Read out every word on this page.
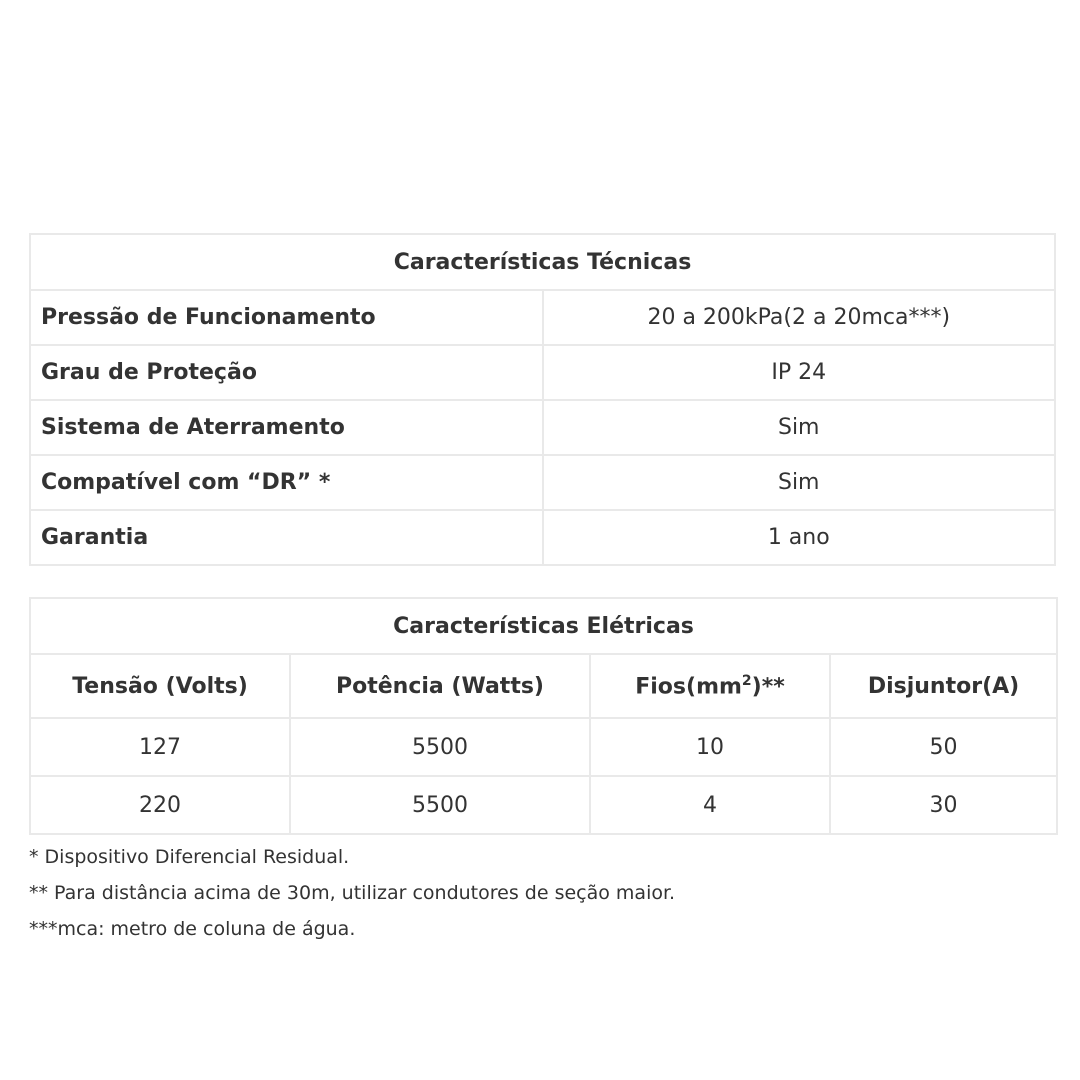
Características Técnicas	
Pressão de Funcionamento	20 a 200kPa(2 a 20mca***)
Grau de Proteção	IP 24
Sistema de Aterramento	Sim
Compatível com “DR” *	Sim
Garantia	1 ano
Características Elétricas			
Tensão (Volts)	Potência (Watts)	$Fios(mm^2)**$	Disjuntor(A)
127	5500	10	50
220	5500	4	30
* Dispositivo Diferencial Residual.
** Para distância acima de 30m, utilizar condutores de seção maior.
***mca: metro de coluna de água.
